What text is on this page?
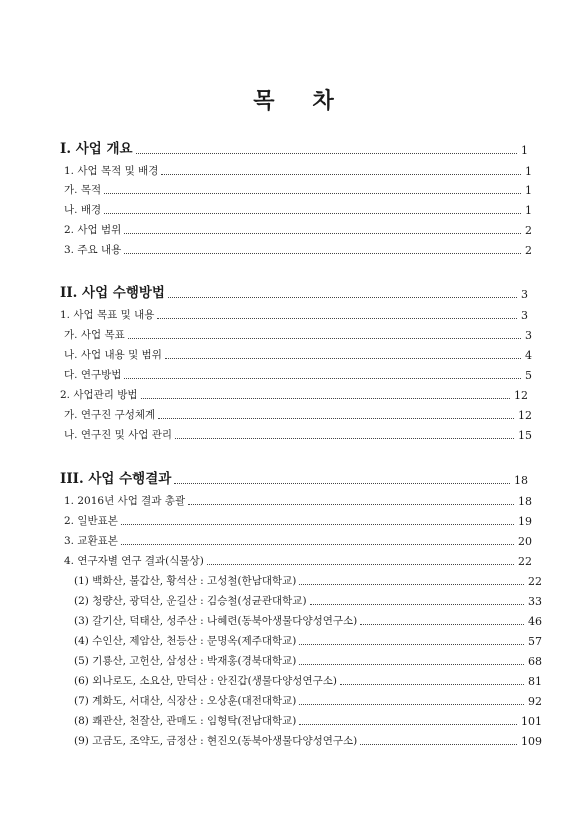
목 차
I. 사업 개요	1
1. 사업 목적 및 배경	1
가. 목적	1
나. 배경	1
2. 사업 범위	2
3. 주요 내용	2
II. 사업 수행방법	3
1. 사업 목표 및 내용	3
가. 사업 목표	3
나. 사업 내용 및 범위	4
다. 연구방법	5
2. 사업관리 방법	12
가. 연구진 구성체계	12
나. 연구진 및 사업 관리	15
III. 사업 수행결과	18
1. 2016년 사업 결과 총괄	18
2. 일반표본	19
3. 교환표본	20
4. 연구자별 연구 결과(식물상)	22
(1) 백화산, 불갑산, 황석산 : 고성철(한남대학교)	22
(2) 청량산, 광덕산, 운길산 : 김승철(성균관대학교)	33
(3) 갈기산, 덕태산, 성주산 : 나혜련(동북아생물다양성연구소)	46
(4) 수인산, 제암산, 천등산 : 문명옥(제주대학교)	57
(5) 기룡산, 고헌산, 삼성산 : 박재홍(경북대학교)	68
(6) 외나로도, 소요산, 만덕산 : 안진갑(생물다양성연구소)	81
(7) 계화도, 서대산, 식장산 : 오상훈(대전대학교)	92
(8) 쾌관산, 천잘산, 관매도 : 임형탁(전남대학교)	101
(9) 고금도, 조약도, 금정산 : 현진오(동북아생물다양성연구소)	109
